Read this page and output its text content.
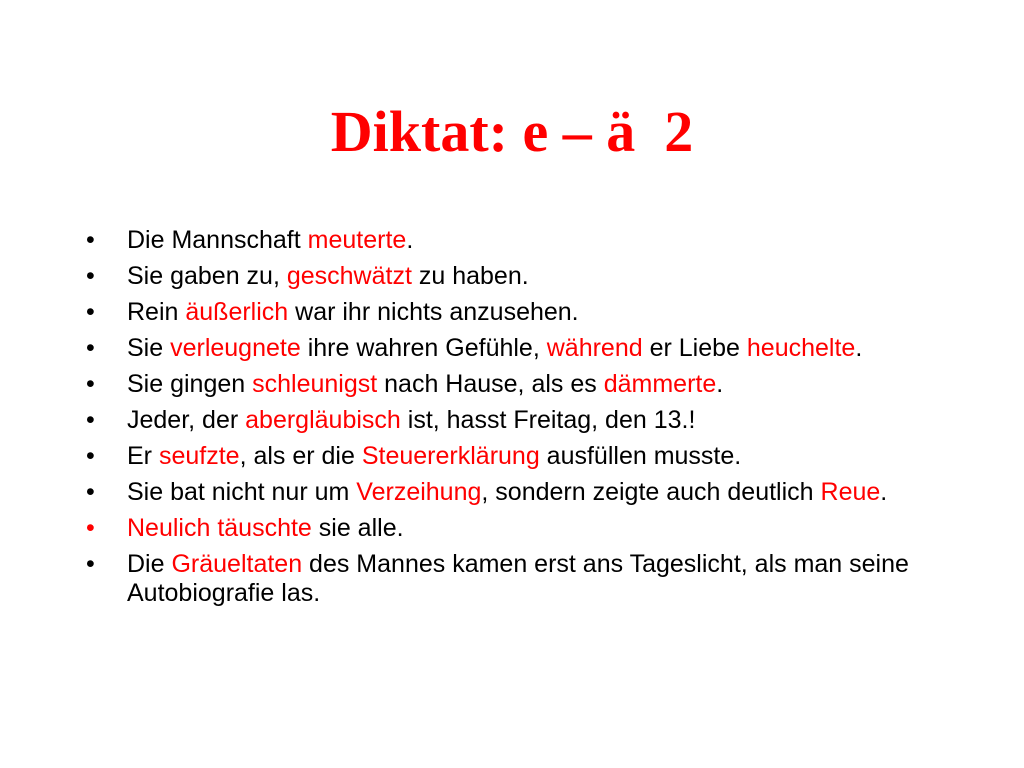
Diktat: e – ä  2
•	Die Mannschaft meuterte.
•	Sie gaben zu, geschwätzt zu haben.
•	Rein äußerlich war ihr nichts anzusehen.
•	Sie verleugnete ihre wahren Gefühle, während er Liebe heuchelte.
•	Sie gingen schleunigst nach Hause, als es dämmerte.
•	Jeder, der abergläubisch ist, hasst Freitag, den 13.!
•	Er seufzte, als er die Steuererklärung ausfüllen musste.
•	Sie bat nicht nur um Verzeihung, sondern zeigte auch deutlich Reue.
•	Neulich täuschte sie alle.
•	Die Gräueltaten des Mannes kamen erst ans Tageslicht, als man seine Autobiografie las.
